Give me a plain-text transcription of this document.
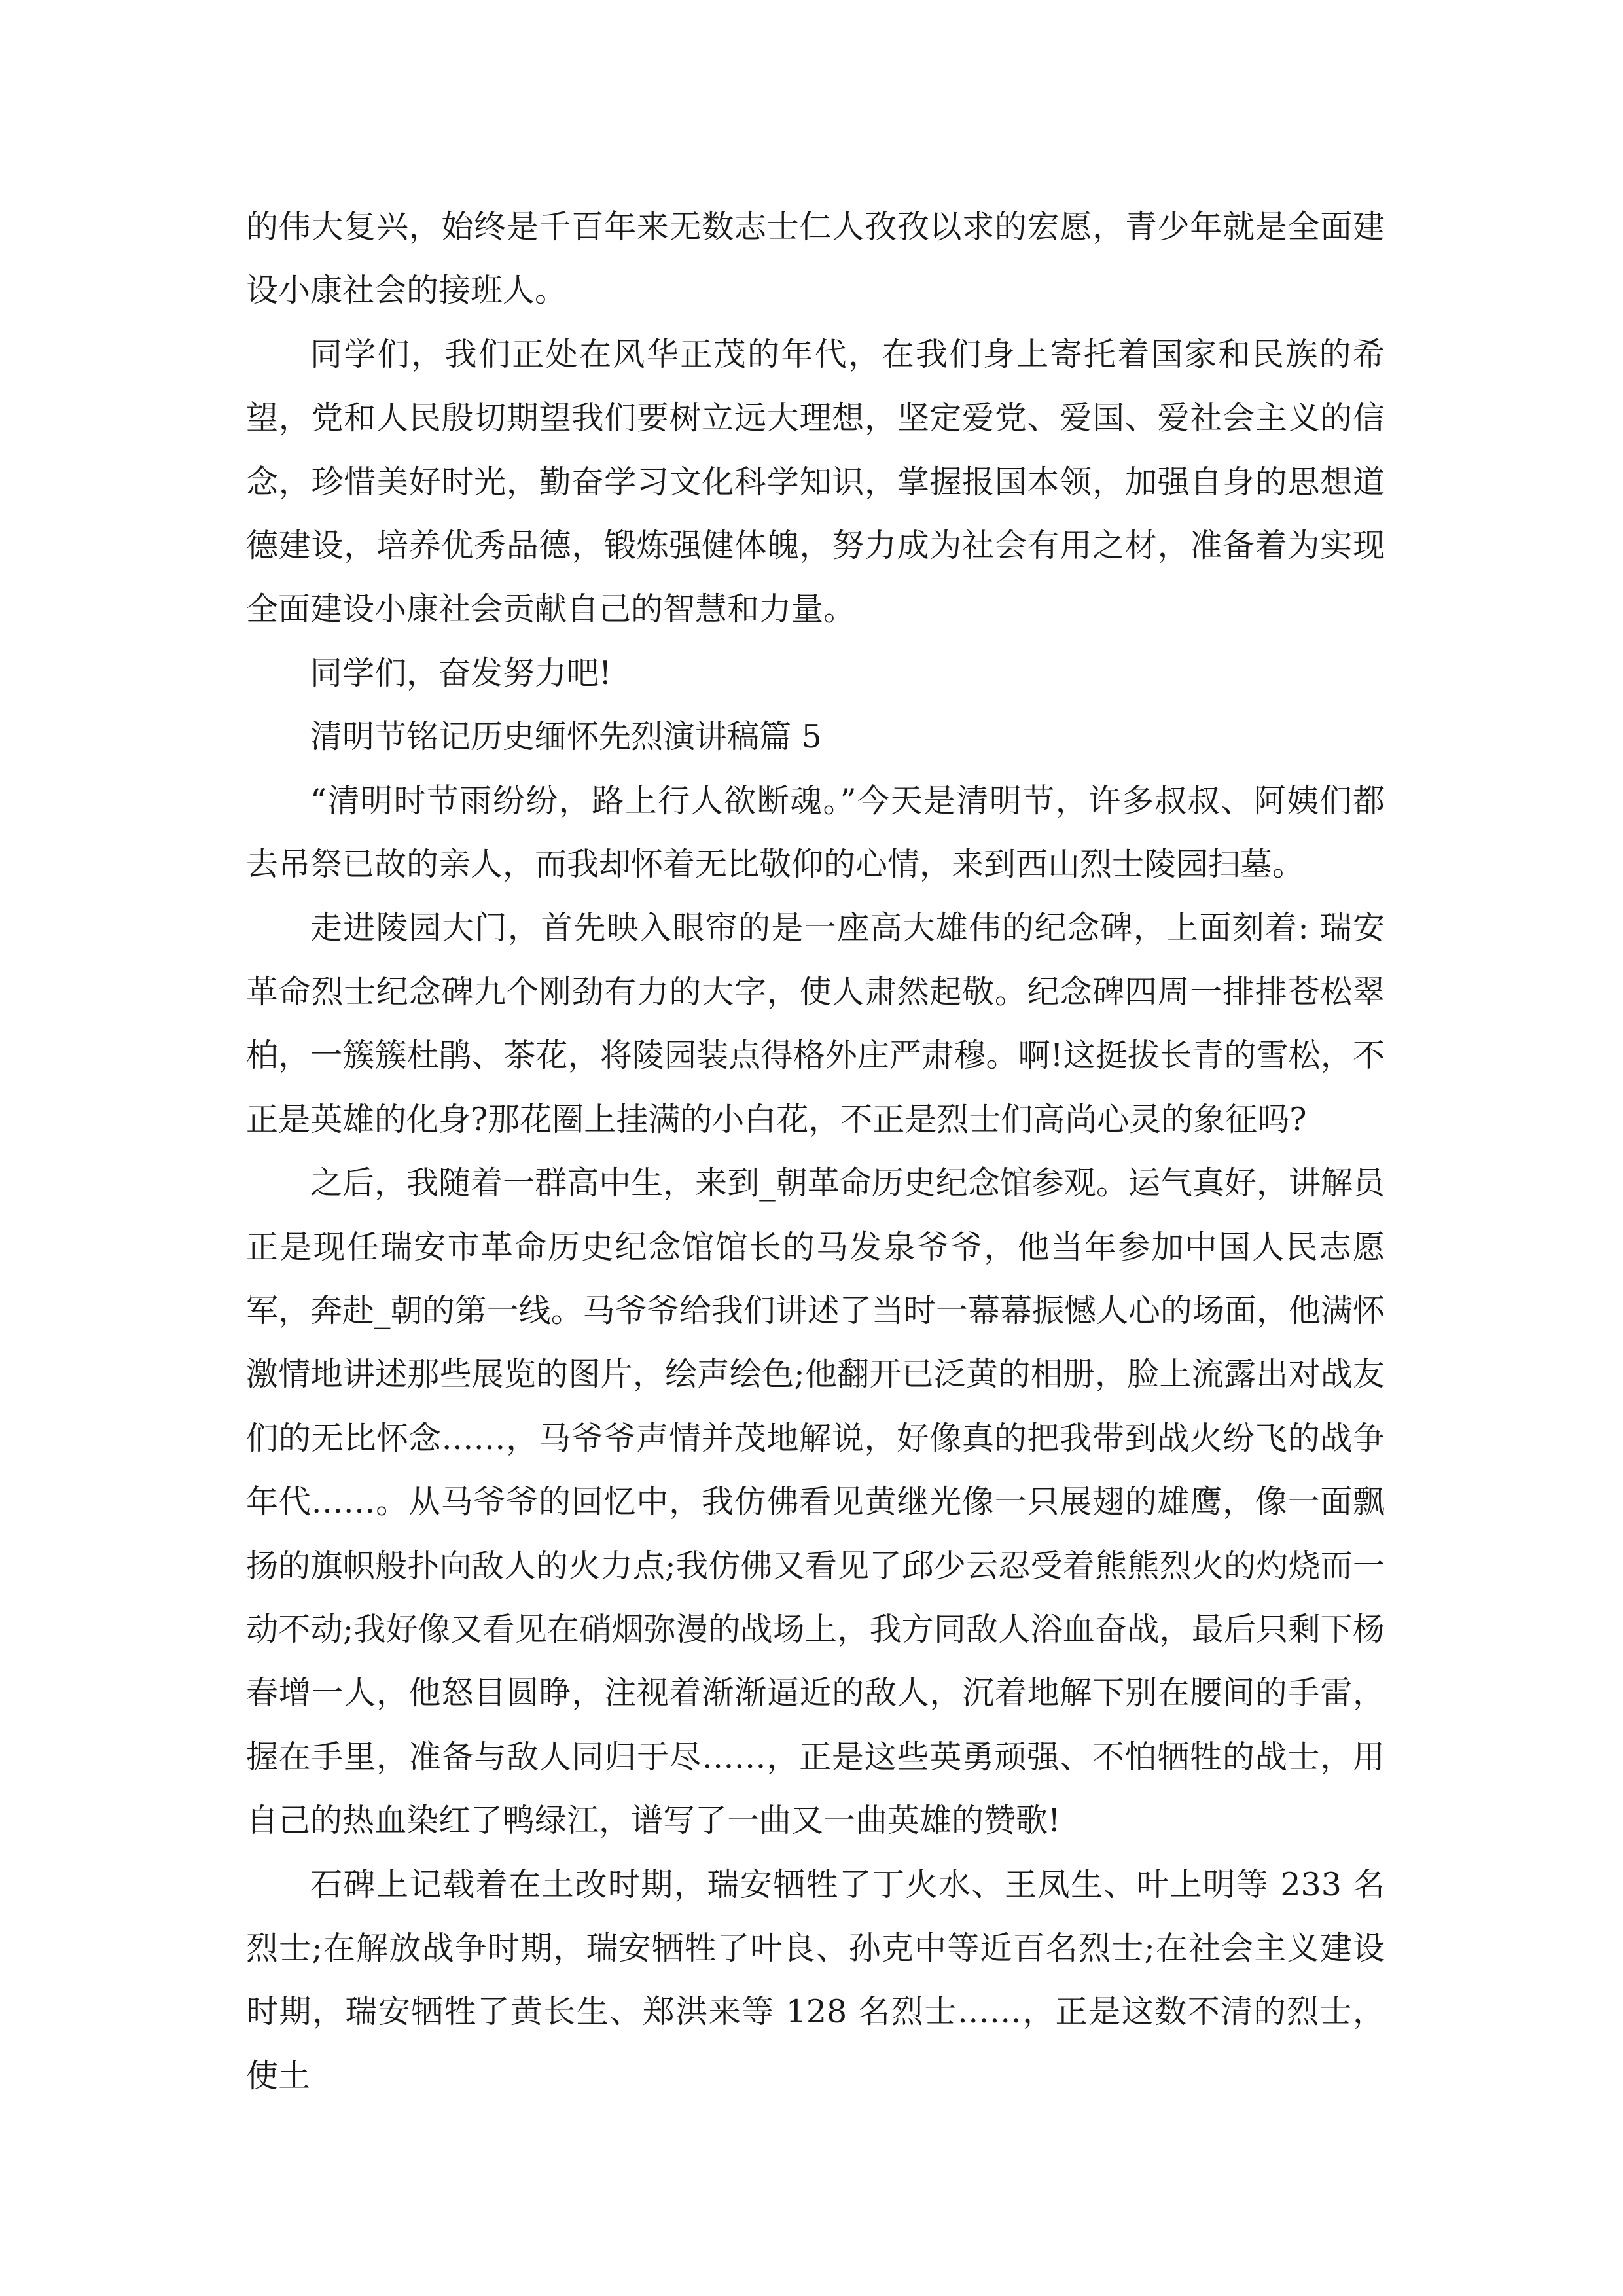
的伟大复兴，始终是千百年来无数志士仁人孜孜以求的宏愿，青少年就是全面建设小康社会的接班人。

同学们，我们正处在风华正茂的年代，在我们身上寄托着国家和民族的希望，党和人民殷切期望我们要树立远大理想，坚定爱党、爱国、爱社会主义的信念，珍惜美好时光，勤奋学习文化科学知识，掌握报国本领，加强自身的思想道德建设，培养优秀品德，锻炼强健体魄，努力成为社会有用之材，准备着为实现全面建设小康社会贡献自己的智慧和力量。

同学们，奋发努力吧!

清明节铭记历史缅怀先烈演讲稿篇 5

“清明时节雨纷纷，路上行人欲断魂。”今天是清明节，许多叔叔、阿姨们都去吊祭已故的亲人，而我却怀着无比敬仰的心情，来到西山烈士陵园扫墓。

走进陵园大门，首先映入眼帘的是一座高大雄伟的纪念碑，上面刻着: 瑞安革命烈士纪念碑九个刚劲有力的大字，使人肃然起敬。纪念碑四周一排排苍松翠柏，一簇簇杜鹃、茶花，将陵园装点得格外庄严肃穆。啊!这挺拔长青的雪松，不正是英雄的化身?那花圈上挂满的小白花，不正是烈士们高尚心灵的象征吗?

之后，我随着一群高中生，来到_朝革命历史纪念馆参观。运气真好，讲解员正是现任瑞安市革命历史纪念馆馆长的马发泉爷爷，他当年参加中国人民志愿军，奔赴_朝的第一线。马爷爷给我们讲述了当时一幕幕振憾人心的场面，他满怀激情地讲述那些展览的图片，绘声绘色;他翻开已泛黄的相册，脸上流露出对战友们的无比怀念……，马爷爷声情并茂地解说，好像真的把我带到战火纷飞的战争年代……。从马爷爷的回忆中，我仿佛看见黄继光像一只展翅的雄鹰，像一面飘扬的旗帜般扑向敌人的火力点;我仿佛又看见了邱少云忍受着熊熊烈火的灼烧而一动不动;我好像又看见在硝烟弥漫的战场上，我方同敌人浴血奋战，最后只剩下杨春增一人，他怒目圆睁，注视着渐渐逼近的敌人，沉着地解下别在腰间的手雷，握在手里，准备与敌人同归于尽……，正是这些英勇顽强、不怕牺牲的战士，用自己的热血染红了鸭绿江，谱写了一曲又一曲英雄的赞歌!

石碑上记载着在土改时期，瑞安牺牲了丁火水、王凤生、叶上明等 233 名烈士;在解放战争时期，瑞安牺牲了叶良、孙克中等近百名烈士;在社会主义建设时期，瑞安牺牲了黄长生、郑洪来等 128 名烈士……，正是这数不清的烈士，使土
